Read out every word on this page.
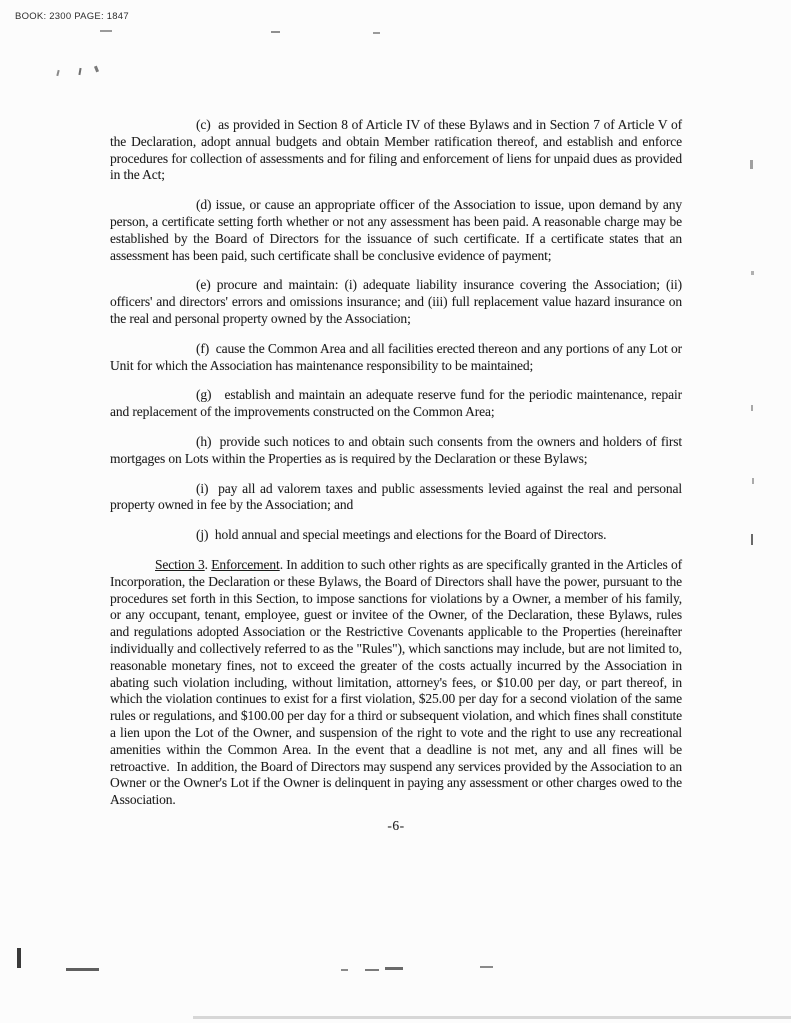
BOOK: 2300 PAGE: 1847

(c)  as provided in Section 8 of Article IV of these Bylaws and in Section 7 of Article V of the Declaration, adopt annual budgets and obtain Member ratification thereof, and establish and enforce procedures for collection of assessments and for filing and enforcement of liens for unpaid dues as provided in the Act;

(d) issue, or cause an appropriate officer of the Association to issue, upon demand by any person, a certificate setting forth whether or not any assessment has been paid. A reasonable charge may be established by the Board of Directors for the issuance of such certificate. If a certificate states that an assessment has been paid, such certificate shall be conclusive evidence of payment;

(e) procure and maintain: (i) adequate liability insurance covering the Association; (ii) officers' and directors' errors and omissions insurance; and (iii) full replacement value hazard insurance on the real and personal property owned by the Association;

(f)  cause the Common Area and all facilities erected thereon and any portions of any Lot or Unit for which the Association has maintenance responsibility to be maintained;

(g)   establish and maintain an adequate reserve fund for the periodic maintenance, repair and replacement of the improvements constructed on the Common Area;

(h)  provide such notices to and obtain such consents from the owners and holders of first mortgages on Lots within the Properties as is required by the Declaration or these Bylaws;

(i)  pay all ad valorem taxes and public assessments levied against the real and personal property owned in fee by the Association; and

(j)  hold annual and special meetings and elections for the Board of Directors.

Section 3. Enforcement. In addition to such other rights as are specifically granted in the Articles of Incorporation, the Declaration or these Bylaws, the Board of Directors shall have the power, pursuant to the procedures set forth in this Section, to impose sanctions for violations by a Owner, a member of his family, or any occupant, tenant, employee, guest or invitee of the Owner, of the Declaration, these Bylaws, rules and regulations adopted Association or the Restrictive Covenants applicable to the Properties (hereinafter individually and collectively referred to as the "Rules"), which sanctions may include, but are not limited to, reasonable monetary fines, not to exceed the greater of the costs actually incurred by the Association in abating such violation including, without limitation, attorney's fees, or $10.00 per day, or part thereof, in which the violation continues to exist for a first violation, $25.00 per day for a second violation of the same rules or regulations, and $100.00 per day for a third or subsequent violation, and which fines shall constitute a lien upon the Lot of the Owner, and suspension of the right to vote and the right to use any recreational amenities within the Common Area. In the event that a deadline is not met, any and all fines will be retroactive.  In addition, the Board of Directors may suspend any services provided by the Association to an Owner or the Owner's Lot if the Owner is delinquent in paying any assessment or other charges owed to the Association.

-6-
